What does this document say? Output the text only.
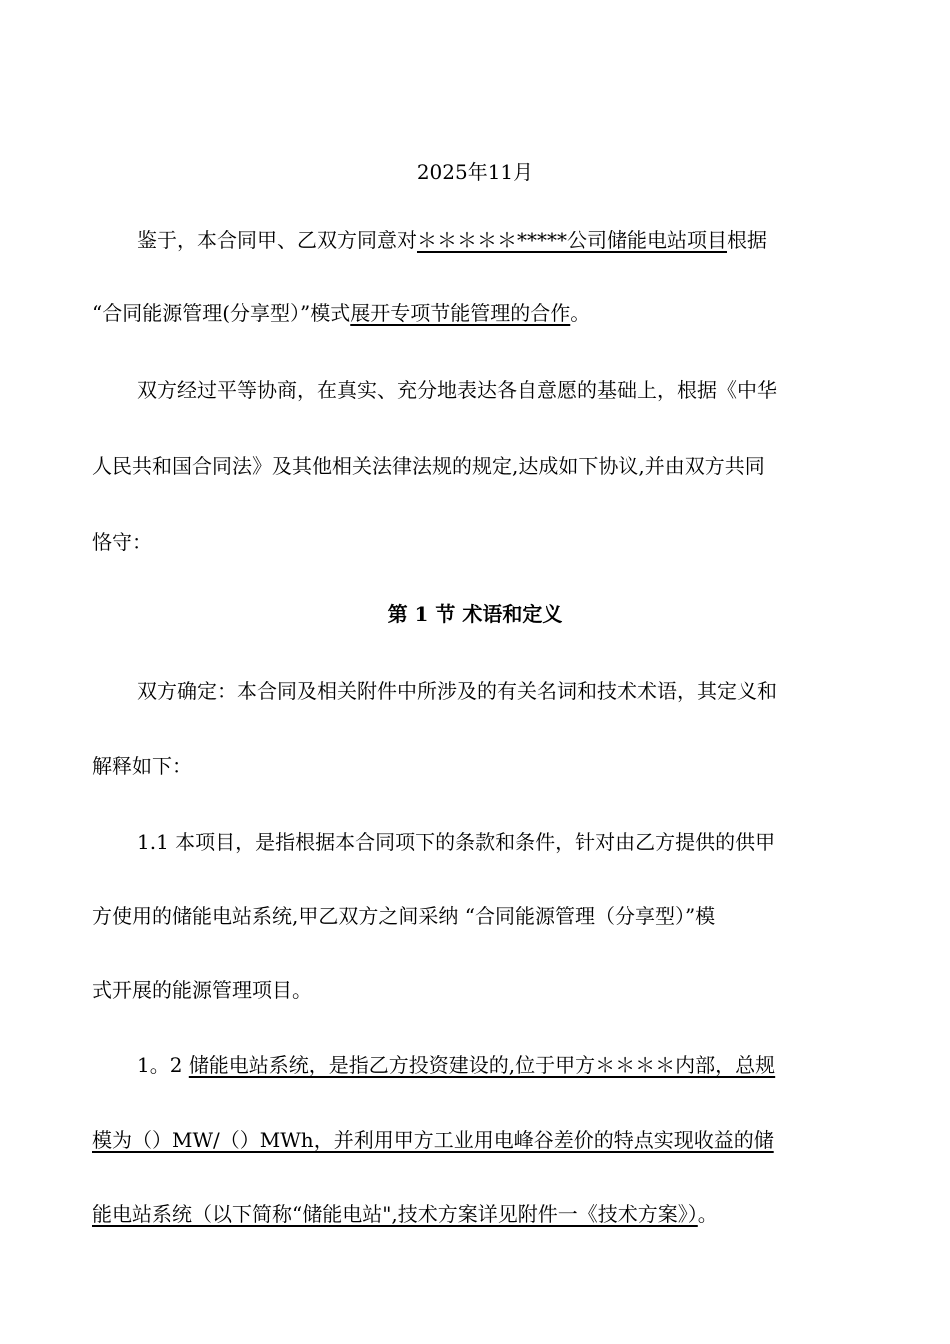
2025年11月
鉴于，本合同甲、乙双方同意对＊＊＊＊＊*****公司储能电站项目根据
“合同能源管理(分享型）”模式展开专项节能管理的合作。
双方经过平等协商，在真实、充分地表达各自意愿的基础上，根据《中华
人民共和国合同法》及其他相关法律法规的规定,达成如下协议,并由双方共同
恪守：
第 1 节 术语和定义
双方确定：本合同及相关附件中所涉及的有关名词和技术术语，其定义和
解释如下：
1.1 本项目，是指根据本合同项下的条款和条件，针对由乙方提供的供甲
方使用的储能电站系统,甲乙双方之间采纳 “合同能源管理（分享型）”模
式开展的能源管理项目。
1。2 储能电站系统，是指乙方投资建设的,位于甲方＊＊＊＊内部，总规
模为（）MW/（）MWh，并利用甲方工业用电峰谷差价的特点实现收益的储
能电站系统（以下简称“储能电站",技术方案详见附件一《技术方案》）。
